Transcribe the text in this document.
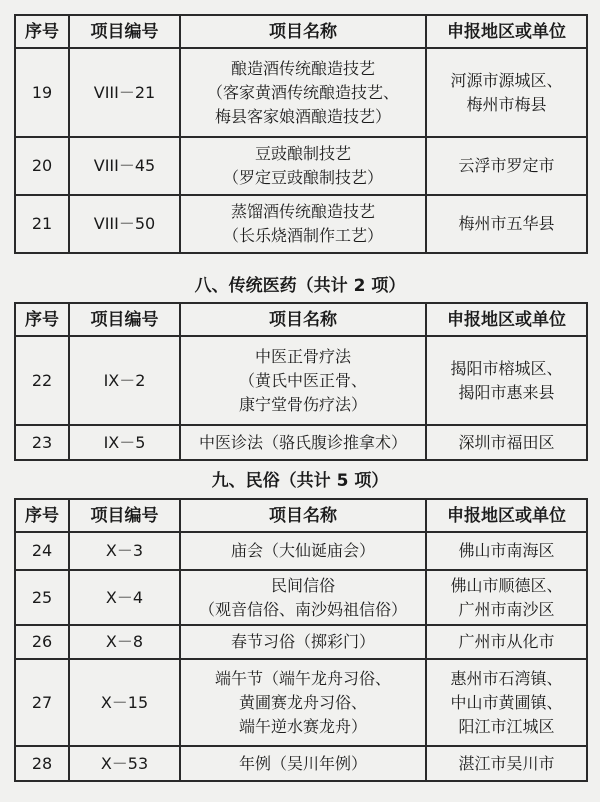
序号	项目编号	项目名称	申报地区或单位
19	VIII－21	酿造酒传统酿造技艺
（客家黄酒传统酿造技艺、
梅县客家娘酒酿造技艺）	河源市源城区、
梅州市梅县

20	VIII－45	豆豉酿制技艺
（罗定豆豉酿制技艺）	云浮市罗定市

21	VIII－50	蒸馏酒传统酿造技艺
（长乐烧酒制作工艺）	梅州市五华县
八、传统医药（共计 2 项）
序号	项目编号	项目名称	申报地区或单位
22	IX－2	中医正骨疗法
（黄氏中医正骨、
康宁堂骨伤疗法）	揭阳市榕城区、
揭阳市惠来县

23	IX－5	中医诊法（骆氏腹诊推拿术）	深圳市福田区
九、民俗（共计 5 项）
序号	项目编号	项目名称	申报地区或单位
24	X－3	庙会（大仙诞庙会）	佛山市南海区

25	X－4	民间信俗
（观音信俗、南沙妈祖信俗）	佛山市顺德区、
广州市南沙区

26	X－8	春节习俗（掷彩门）	广州市从化市

27	X－15	端午节（端午龙舟习俗、
黄圃赛龙舟习俗、
端午逆水赛龙舟）	惠州市石湾镇、
中山市黄圃镇、
阳江市江城区

28	X－53	年例（吴川年例）	湛江市吴川市
